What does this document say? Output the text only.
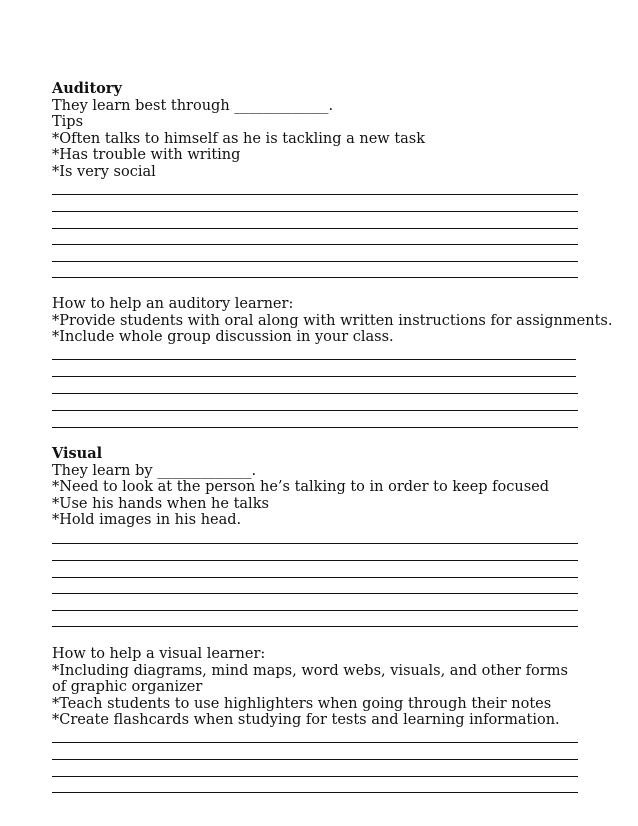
Auditory
They learn best through _____________.
Tips
*Often talks to himself as he is tackling a new task
*Has trouble with writing
*Is very social
How to help an auditory learner:
*Provide students with oral along with written instructions for assignments.
*Include whole group discussion in your class.
Visual
They learn by _____________.
*Need to look at the person he’s talking to in order to keep focused
*Use his hands when he talks
*Hold images in his head.
How to help a visual learner:
*Including diagrams, mind maps, word webs, visuals, and other forms of graphic organizer
*Teach students to use highlighters when going through their notes
*Create flashcards when studying for tests and learning information.
